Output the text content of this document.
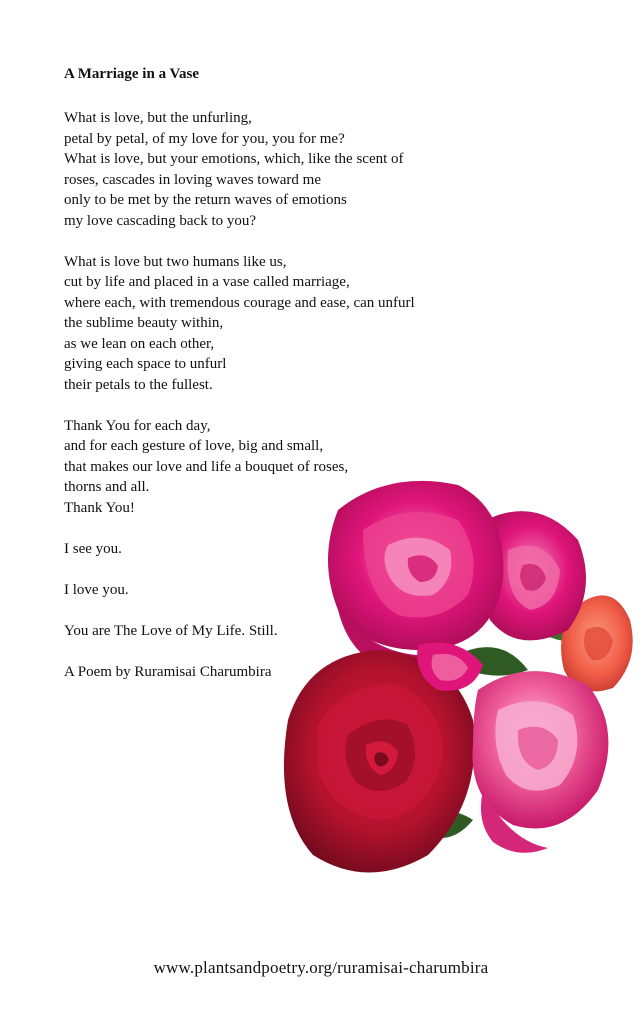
A Marriage in a Vase
What is love, but the unfurling,
petal by petal, of my love for you, you for me?
What is love, but your emotions, which, like the scent of
roses, cascades in loving waves toward me
only to be met by the return waves of emotions
my love cascading back to you?
What is love but two humans like us,
cut by life and placed in a vase called marriage,
where each, with tremendous courage and ease, can unfurl
the sublime beauty within,
as we lean on each other,
giving each space to unfurl
their petals to the fullest.
Thank You for each day,
and for each gesture of love, big and small,
that makes our love and life a bouquet of roses,
thorns and all.
Thank You!

I see you.

I love you.

You are The Love of My Life. Still.

A Poem by Ruramisai Charumbira

www.plantsandpoetry.org/ruramisai-charumbira
